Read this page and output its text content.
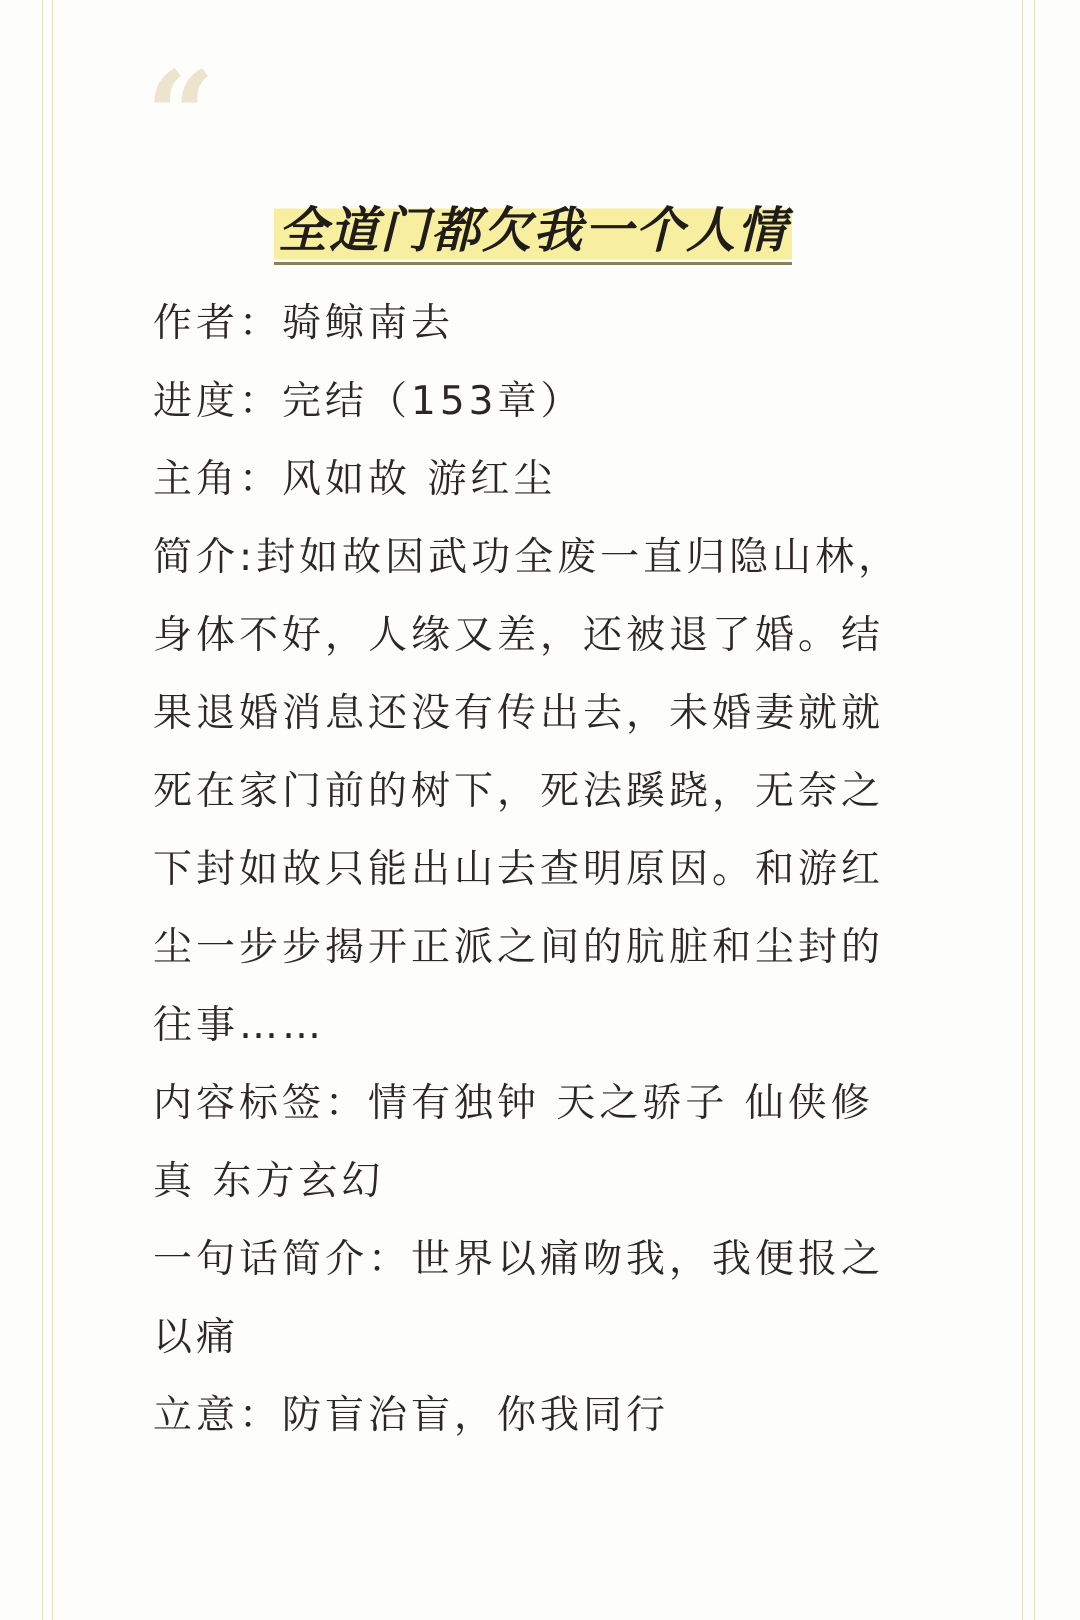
“
全道门都欠我一个人情

作者：骑鲸南去

进度：完结（153章）

主角：风如故 游红尘

简介:封如故因武功全废一直归隐山林，身体不好，人缘又差，还被退了婚。结果退婚消息还没有传出去，未婚妻就就死在家门前的树下，死法蹊跷，无奈之下封如故只能出山去查明原因。和游红尘一步步揭开正派之间的肮脏和尘封的往事……

内容标签：情有独钟 天之骄子 仙侠修真 东方玄幻

一句话简介：世界以痛吻我，我便报之以痛

立意：防盲治盲，你我同行
